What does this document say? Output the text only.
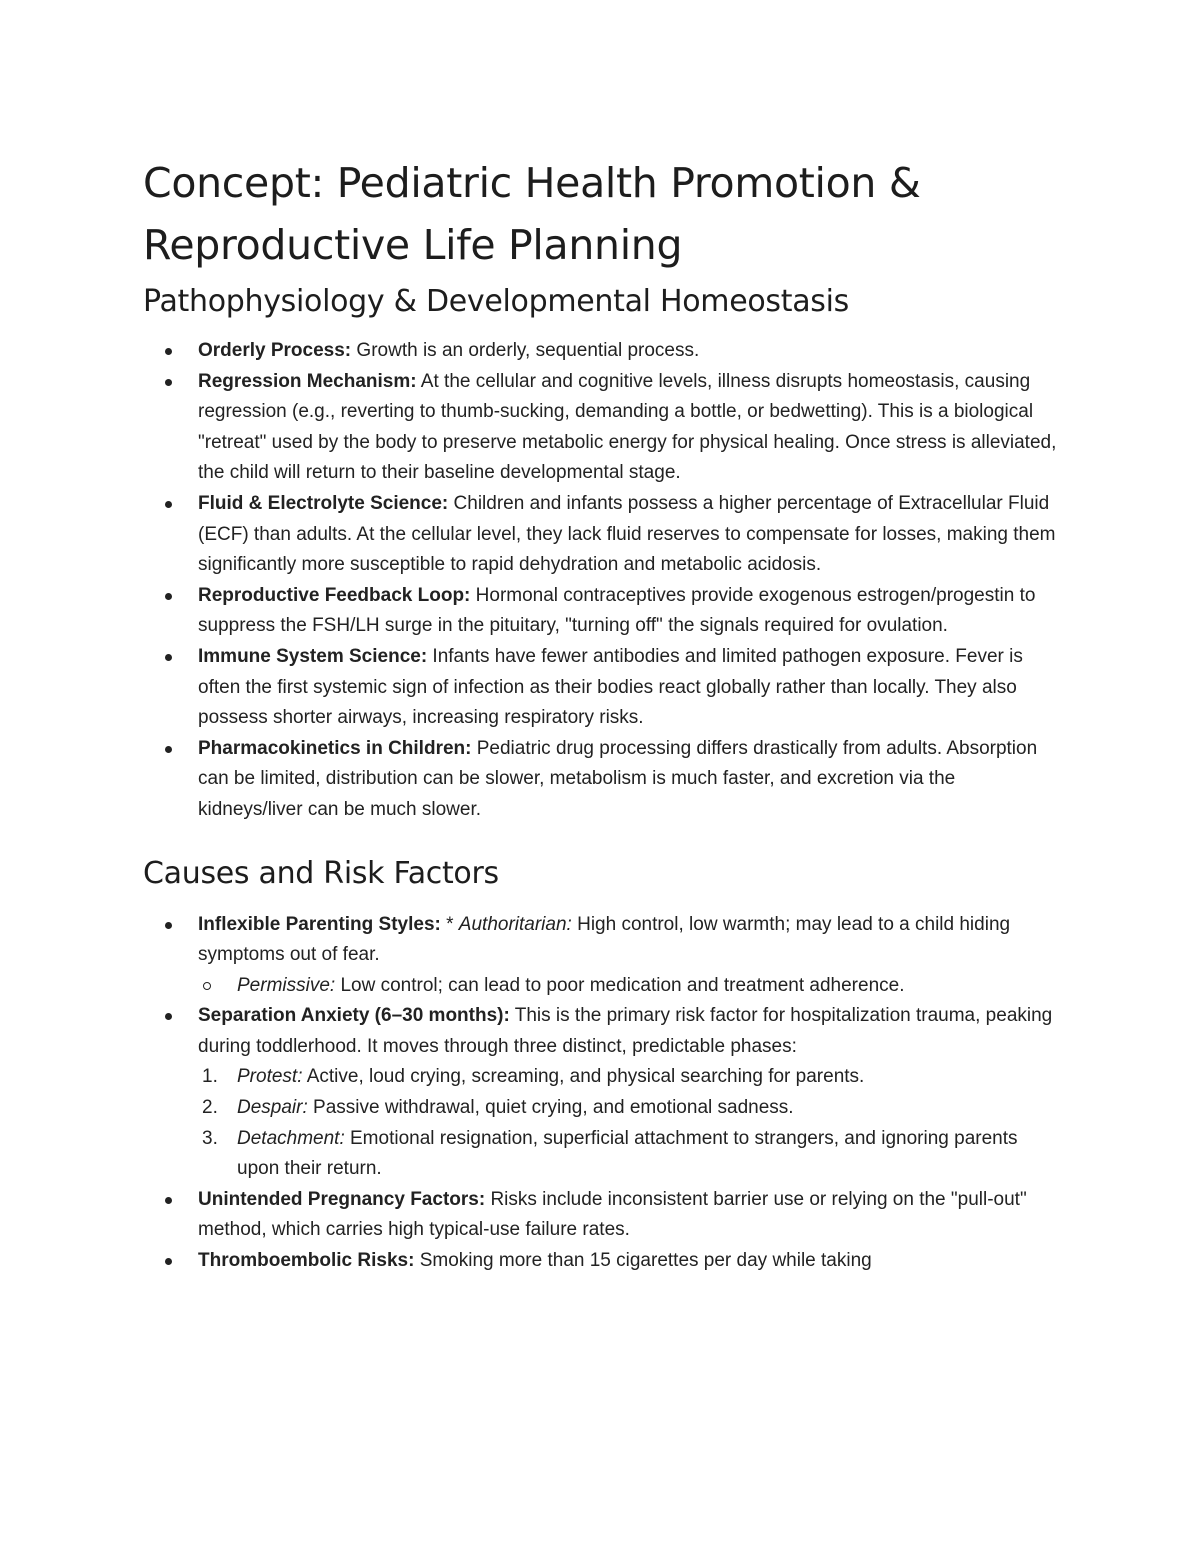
Concept: Pediatric Health Promotion & Reproductive Life Planning
Pathophysiology & Developmental Homeostasis
Orderly Process: Growth is an orderly, sequential process.
Regression Mechanism: At the cellular and cognitive levels, illness disrupts homeostasis, causing regression (e.g., reverting to thumb-sucking, demanding a bottle, or bedwetting). This is a biological "retreat" used by the body to preserve metabolic energy for physical healing. Once stress is alleviated, the child will return to their baseline developmental stage.
Fluid & Electrolyte Science: Children and infants possess a higher percentage of Extracellular Fluid (ECF) than adults. At the cellular level, they lack fluid reserves to compensate for losses, making them significantly more susceptible to rapid dehydration and metabolic acidosis.
Reproductive Feedback Loop: Hormonal contraceptives provide exogenous estrogen/progestin to suppress the FSH/LH surge in the pituitary, "turning off" the signals required for ovulation.
Immune System Science: Infants have fewer antibodies and limited pathogen exposure. Fever is often the first systemic sign of infection as their bodies react globally rather than locally. They also possess shorter airways, increasing respiratory risks.
Pharmacokinetics in Children: Pediatric drug processing differs drastically from adults. Absorption can be limited, distribution can be slower, metabolism is much faster, and excretion via the kidneys/liver can be much slower.
Causes and Risk Factors
Inflexible Parenting Styles: * Authoritarian: High control, low warmth; may lead to a child hiding symptoms out of fear.
Permissive: Low control; can lead to poor medication and treatment adherence.
Separation Anxiety (6–30 months): This is the primary risk factor for hospitalization trauma, peaking during toddlerhood. It moves through three distinct, predictable phases:
1. Protest: Active, loud crying, screaming, and physical searching for parents.
2. Despair: Passive withdrawal, quiet crying, and emotional sadness.
3. Detachment: Emotional resignation, superficial attachment to strangers, and ignoring parents upon their return.
Unintended Pregnancy Factors: Risks include inconsistent barrier use or relying on the "pull-out" method, which carries high typical-use failure rates.
Thromboembolic Risks: Smoking more than 15 cigarettes per day while taking
